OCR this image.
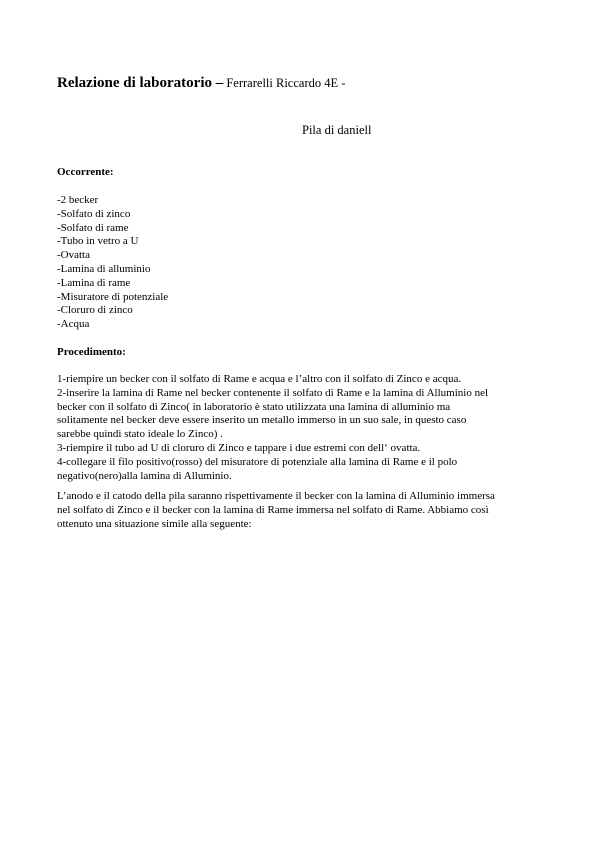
Relazione di laboratorio – Ferrarelli Riccardo 4E -
Pila di daniell
Occorrente:
-2 becker
-Solfato di zinco
-Solfato di rame
-Tubo in vetro a U
-Ovatta
-Lamina di alluminio
-Lamina di rame
-Misuratore di potenziale
-Cloruro di zinco
-Acqua
Procedimento:
1-riempire un becker con il solfato di Rame e acqua e l’altro con il solfato di Zinco e acqua.
2-inserire la lamina di Rame nel becker contenente il solfato di Rame e la lamina di Alluminio nel
becker con il solfato di Zinco( in laboratorio è stato utilizzata una lamina di alluminio ma
solitamente nel becker deve essere inserito un metallo immerso in un suo sale, in questo caso
sarebbe quindi stato ideale lo Zinco) .
3-riempire il tubo ad U di cloruro di Zinco e tappare i due estremi con dell‘ ovatta.
4-collegare il filo positivo(rosso) del misuratore di potenziale alla lamina di Rame e il polo
negativo(nero)alla lamina di Alluminio.
L’anodo e il catodo della pila saranno rispettivamente il becker con la lamina di Alluminio immersa
nel solfato di Zinco e il becker con la lamina di Rame immersa nel solfato di Rame. Abbiamo così
ottenuto una situazione simile alla seguente:
